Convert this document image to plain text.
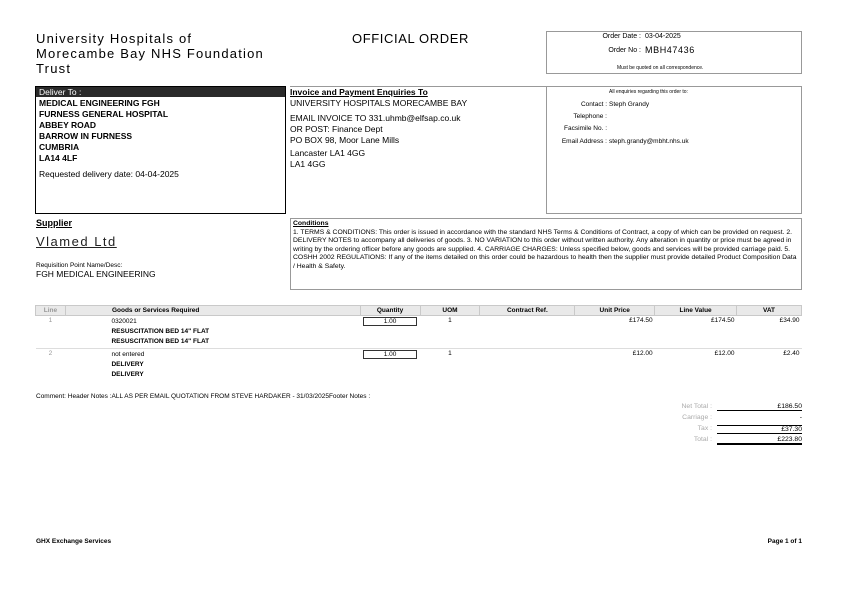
University Hospitals of
Morecambe Bay NHS Foundation
Trust
OFFICIAL ORDER	Order Date : 03-04-2025
Order No : MBH47436
Must be quoted on all correspondence.
Deliver To :
MEDICAL ENGINEERING FGH
FURNESS GENERAL HOSPITAL
ABBEY ROAD
BARROW IN FURNESS
CUMBRIA
LA14 4LF
Requested delivery date: 04-04-2025
Invoice and Payment Enquiries To
UNIVERSITY HOSPITALS MORECAMBE BAY
EMAIL INVOICE TO 331.uhmb@elfsap.co.uk
OR POST: Finance Dept
PO BOX 98, Moor Lane Mills
Lancaster LA1 4GG
LA1 4GG
All enquiries regarding this order to:
Contact : Steph Grandy
Telephone :
Facsimile No. :
Email Address : steph.grandy@mbht.nhs.uk
Supplier
Vlamed Ltd
Requisition Point Name/Desc:
FGH MEDICAL ENGINEERING
Conditions
1. TERMS & CONDITIONS: This order is issued in accordance with the standard NHS Terms & Conditions of Contract, a copy of which can be provided on request. 2. DELIVERY NOTES to accompany all deliveries of goods. 3. NO VARIATION to this order without written authority. Any alteration in quantity or price must be agreed in writing by the ordering officer before any goods are supplied. 4. CARRIAGE CHARGES: Unless specified below, goods and services will be provided carriage paid. 5. COSHH 2002 REGULATIONS: If any of the items detailed on this order could be hazardous to health then the supplier must provide detailed Product Composition Data / Health & Safety.
Line	Goods or Services Required	Quantity	UOM	Contract Ref.	Unit Price	Line Value	VAT
1	0320021
RESUSCITATION BED 14" FLAT
RESUSCITATION BED 14" FLAT	1.00	1		£174.50	£174.50	£34.90
2	not entered
DELIVERY
DELIVERY	1.00	1		£12.00	£12.00	£2.40
Comment: Header Notes :ALL AS PER EMAIL QUOTATION FROM STEVE HARDAKER - 31/03/2025Footer Notes :
Net Total :	£186.50
Carriage :	-
Tax :	£37.30
Total :	£223.80
GHX Exchange Services	Page 1 of 1
